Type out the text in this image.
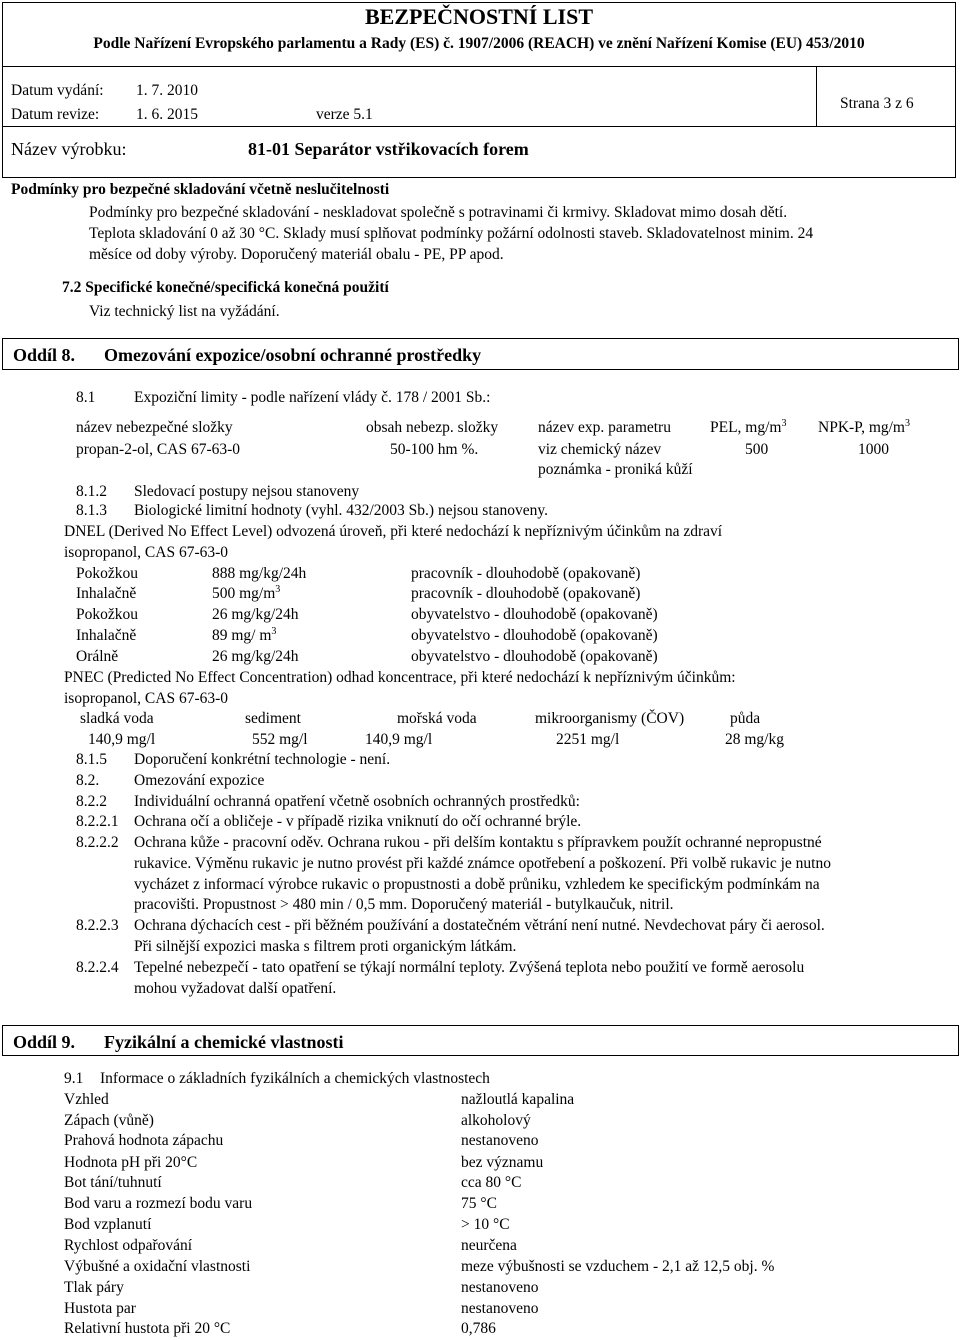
BEZPEČNOSTNÍ LIST
Podle Nařízení Evropského parlamentu a Rady (ES) č. 1907/2006 (REACH) ve znění Nařízení Komise (EU) 453/2010
Datum vydání: 1. 7. 2010
Datum revize: 1. 6. 2015	verze 5.1
Strana 3 z 6
Název výrobku:	81-01 Separátor vstřikovacích forem
Podmínky pro bezpečné skladování včetně neslučitelnosti
Podmínky pro bezpečné skladování - neskladovat společně s potravinami či krmivy. Skladovat mimo dosah dětí.
Teplota skladování 0 až 30 °C. Sklady musí splňovat podmínky požární odolnosti staveb. Skladovatelnost minim. 24
měsíce od doby výroby. Doporučený materiál obalu - PE, PP apod.
7.2 Specifické konečné/specifická konečná použití
Viz technický list na vyžádání.
Oddíl 8. Omezování expozice/osobní ochranné prostředky
8.1 Expoziční limity - podle nařízení vlády č. 178 / 2001 Sb.:
název nebezpečné složky	obsah nebezp. složky	název exp. parametru	PEL, $mg/m^3$ NPK-P, $mg/m^3$
propan-2-ol, CAS 67-63-0	50-100 hm %.	viz chemický název	500	1000
poznámka - proniká kůží
8.1.2 Sledovací postupy nejsou stanoveny
8.1.3 Biologické limitní hodnoty (vyhl. 432/2003 Sb.) nejsou stanoveny.
DNEL (Derived No Effect Level) odvozená úroveň, při které nedochází k nepříznivým účinkům na zdraví
isopropanol, CAS 67-63-0
Pokožkou	888 mg/kg/24h	pracovník - dlouhodobě (opakovaně)
Inhalačně	500 $mg/m^3$	pracovník - dlouhodobě (opakovaně)
Pokožkou	26 mg/kg/24h	obyvatelstvo - dlouhodobě (opakovaně)
Inhalačně	89 mg/ $m^3$	obyvatelstvo - dlouhodobě (opakovaně)
Orálně	26 mg/kg/24h	obyvatelstvo - dlouhodobě (opakovaně)
PNEC (Predicted No Effect Concentration) odhad koncentrace, při které nedochází k nepříznivým účinkům:
isopropanol, CAS 67-63-0
sladká voda	sediment	mořská voda	mikroorganismy (ČOV)	půda
140,9 mg/l	552 mg/l	140,9 mg/l	2251 mg/l	28 mg/kg
8.1.5 Doporučení konkrétní technologie - není.
8.2. Omezování expozice
8.2.2 Individuální ochranná opatření včetně osobních ochranných prostředků:
8.2.2.1 Ochrana očí a obličeje - v případě rizika vniknutí do očí ochranné brýle.
8.2.2.2 Ochrana kůže - pracovní oděv. Ochrana rukou - při delším kontaktu s přípravkem použít ochranné nepropustné
rukavice. Výměnu rukavic je nutno provést při každé známce opotřebení a poškození. Při volbě rukavic je nutno
vycházet z informací výrobce rukavic o propustnosti a době průniku, vzhledem ke specifickým podmínkám na
pracovišti. Propustnost > 480 min / 0,5 mm. Doporučený materiál - butylkaučuk, nitril.
8.2.2.3 Ochrana dýchacích cest - při běžném používání a dostatečném větrání není nutné. Nevdechovat páry či aerosol.
Při silnější expozici maska s filtrem proti organickým látkám.
8.2.2.4 Tepelné nebezpečí - tato opatření se týkají normální teploty. Zvýšená teplota nebo použití ve formě aerosolu
mohou vyžadovat další opatření.
Oddíl 9. Fyzikální a chemické vlastnosti
9.1 Informace o základních fyzikálních a chemických vlastnostech
Vzhled	nažloutlá kapalina
Zápach (vůně)	alkoholový
Prahová hodnota zápachu	nestanoveno
Hodnota pH při 20°C	bez významu
Bot tání/tuhnutí	cca 80 °C
Bod varu a rozmezí bodu varu	75 °C
Bod vzplanutí	> 10 °C
Rychlost odpařování	neurčena
Výbušné a oxidační vlastnosti	meze výbušnosti se vzduchem - 2,1 až 12,5 obj. %
Tlak páry	nestanoveno
Hustota par	nestanoveno
Relativní hustota při 20 °C	0,786
